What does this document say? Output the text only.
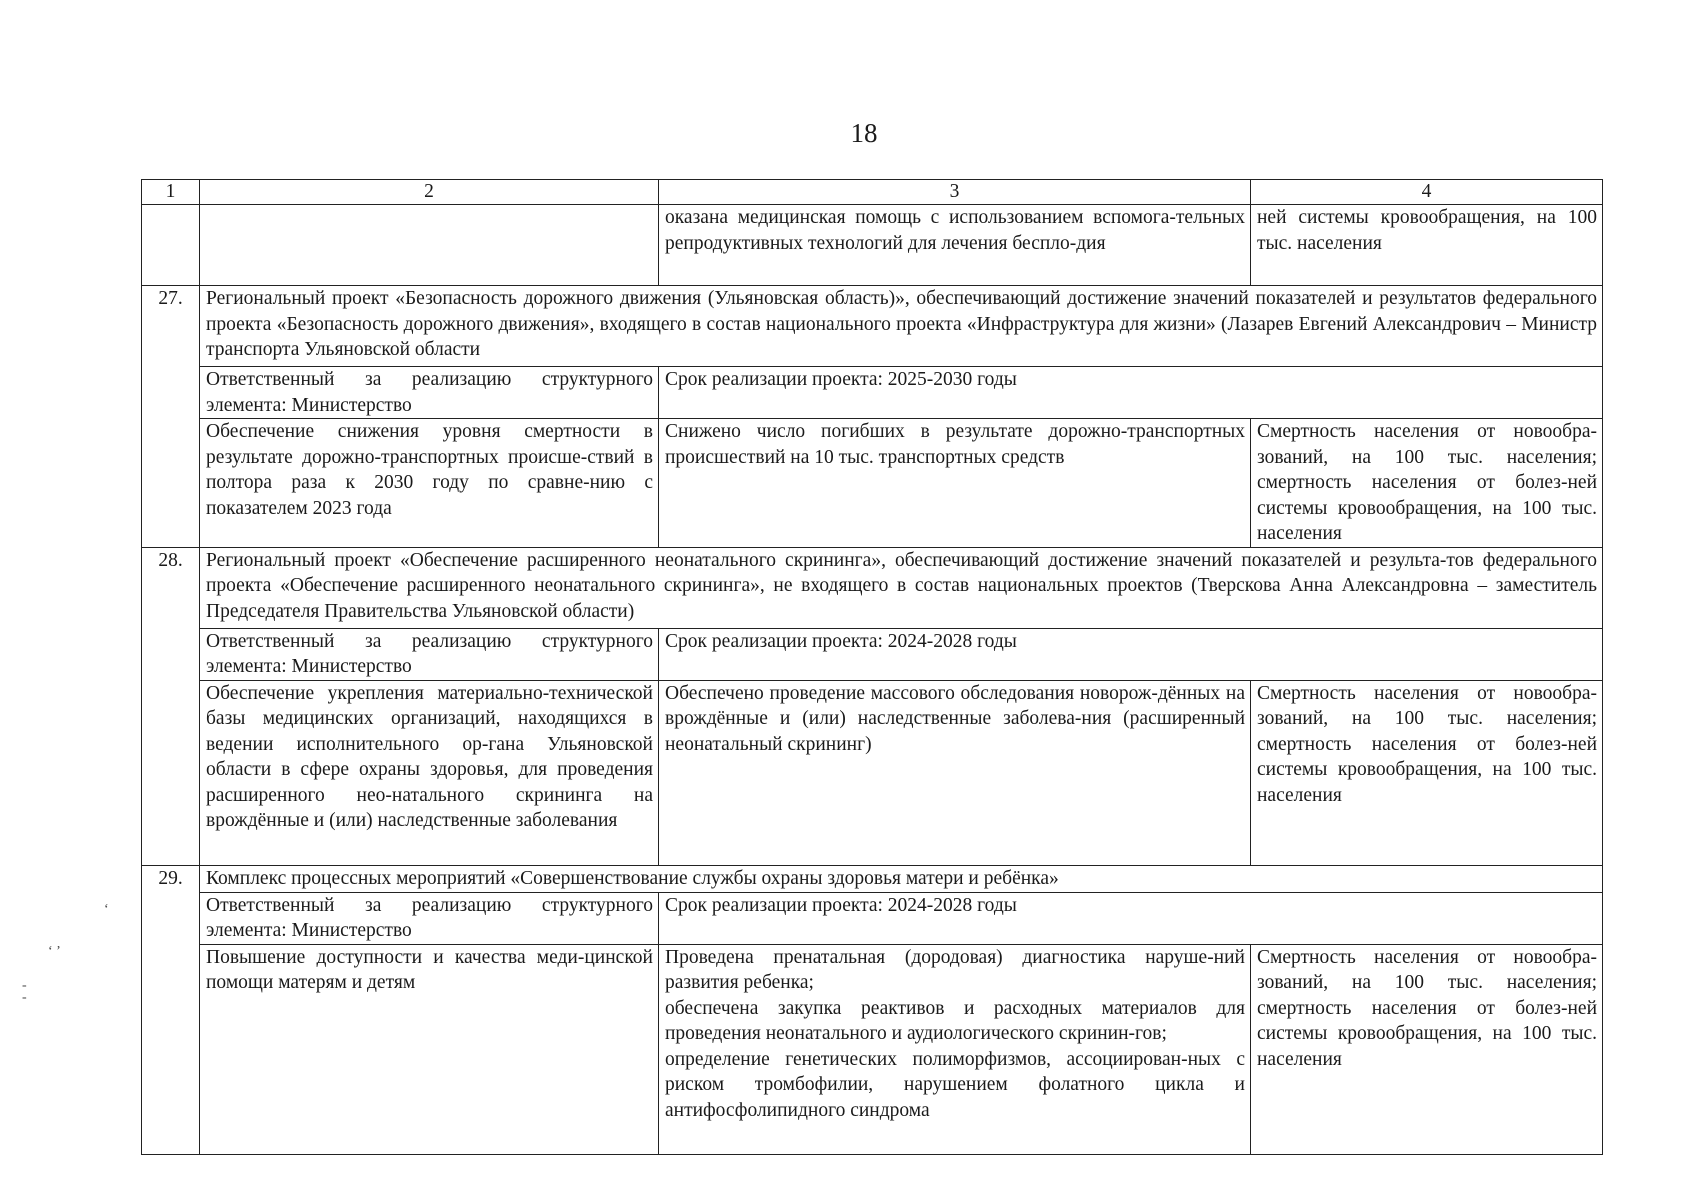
18
1	2	3	4
		оказана медицинская помощь с использованием вспомога-тельных репродуктивных технологий для лечения беспло-дия	ней системы кровообращения, на 100 тыс. населения
27.	Региональный проект «Безопасность дорожного движения (Ульяновская область)», обеспечивающий достижение значений показателей и результатов федерального проекта «Безопасность дорожного движения», входящего в состав национального проекта «Инфраструктура для жизни» (Лазарев Евгений Александрович – Министр транспорта Ульяновской области		
	Ответственный за реализацию структурного элемента: Министерство	Срок реализации проекта: 2025-2030 годы	
	Обеспечение снижения уровня смертности в результате дорожно-транспортных происше-ствий в полтора раза к 2030 году по сравне-нию с показателем 2023 года	Снижено число погибших в результате дорожно-транспортных происшествий на 10 тыс. транспортных средств	Смертность населения от новообра-зований, на 100 тыс. населения;
смертность населения от болез-ней системы кровообращения, на 100 тыс. населения

28.	Региональный проект «Обеспечение расширенного неонатального скрининга», обеспечивающий достижение значений показателей и результа-тов федерального проекта «Обеспечение расширенного неонатального скрининга», не входящего в состав национальных проектов (Тверскова Анна Александровна – заместитель Председателя Правительства Ульяновской области)		
	Ответственный за реализацию структурного элемента: Министерство	Срок реализации проекта: 2024-2028 годы	
	Обеспечение укрепления материально-технической базы медицинских организаций, находящихся в ведении исполнительного ор-гана Ульяновской области в сфере охраны здоровья, для проведения расширенного нео-натального скрининга на врождённые и (или) наследственные заболевания	Обеспечено проведение массового обследования новорож-дённых на врождённые и (или) наследственные заболева-ния (расширенный неонатальный скрининг)	Смертность населения от новообра-зований, на 100 тыс. населения;
смертность населения от болез-ней системы кровообращения, на 100 тыс. населения

29.	Комплекс процессных мероприятий «Совершенствование службы охраны здоровья матери и ребёнка»		
	Ответственный за реализацию структурного элемента: Министерство	Срок реализации проекта: 2024-2028 годы	
	Повышение доступности и качества меди-цинской помощи матерям и детям	Проведена пренатальная (дородовая) диагностика наруше-ний развития ребенка;
обеспечена закупка реактивов и расходных материалов для проведения неонатального и аудиологического скринин-гов;
определение генетических полиморфизмов, ассоциирован-ных с риском тромбофилии, нарушением фолатного цикла и антифосфолипидного синдрома	Смертность населения от новообра-зований, на 100 тыс. населения;
смертность населения от болез-ней системы кровообращения, на 100 тыс. населения
‘
‘ ’
-
-
